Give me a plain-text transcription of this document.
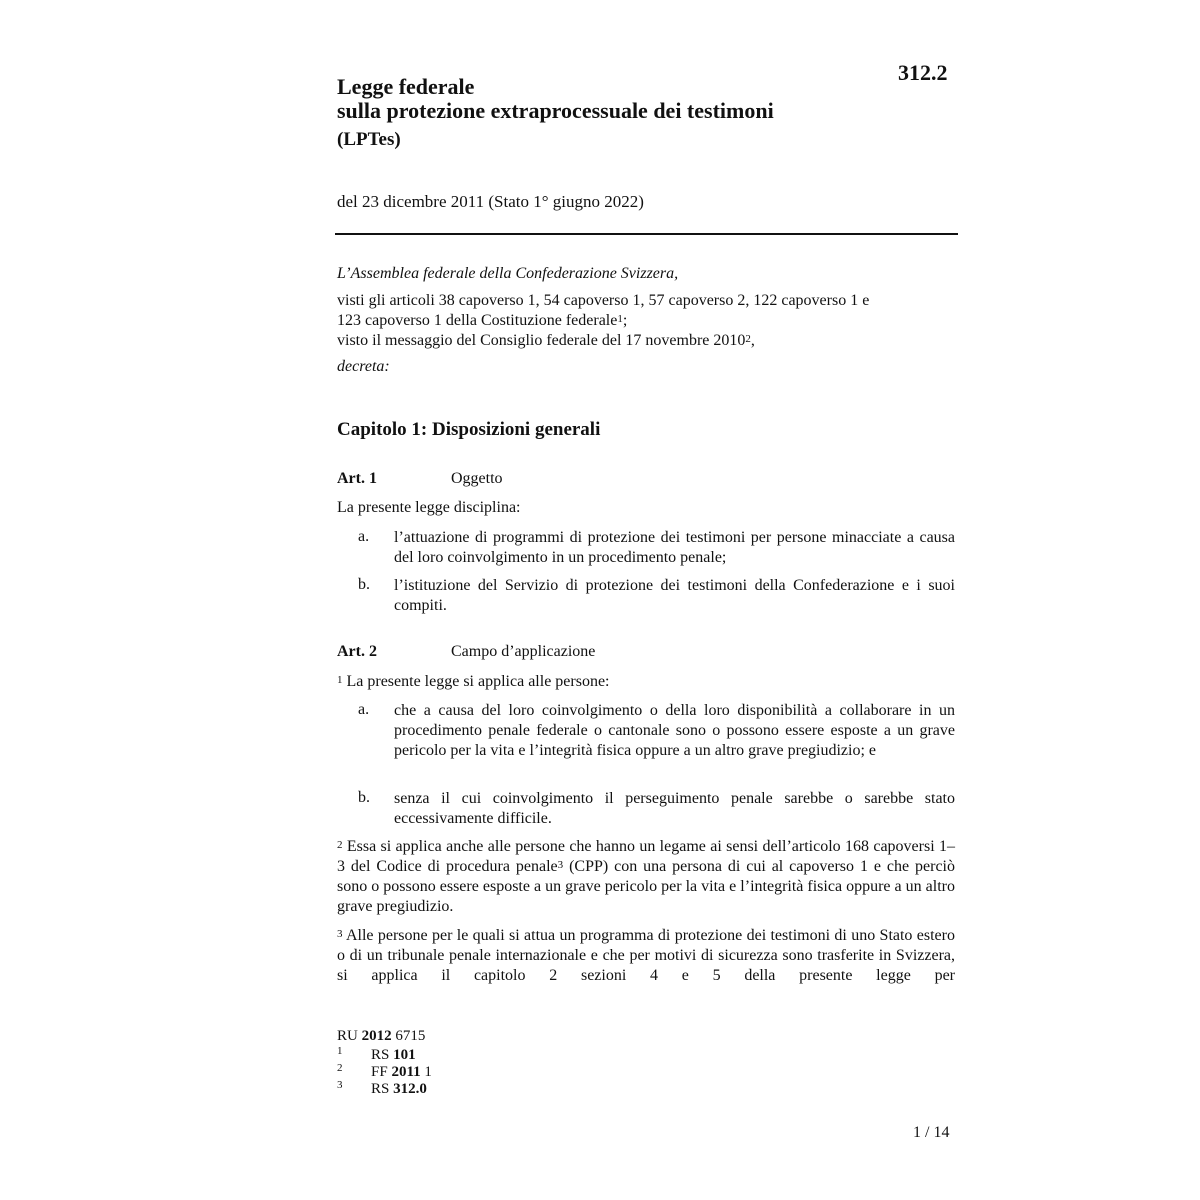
312.2
Legge federale
sulla protezione extraprocessuale dei testimoni
(LPTes)
del 23 dicembre 2011 (Stato 1° giugno 2022)
L’Assemblea federale della Confederazione Svizzera,
visti gli articoli 38 capoverso 1, 54 capoverso 1, 57 capoverso 2, 122 capoverso 1 e
123 capoverso 1 della Costituzione federale$^1$;
visto il messaggio del Consiglio federale del 17 novembre 2010$^2$,
decreta:
Capitolo 1: Disposizioni generali
Art. 1	Oggetto
La presente legge disciplina:
a. l’attuazione di programmi di protezione dei testimoni per persone minacciate a causa del loro coinvolgimento in un procedimento penale;
b. l’istituzione del Servizio di protezione dei testimoni della Confederazione e i suoi compiti.
Art. 2	Campo d’applicazione
$^1$ La presente legge si applica alle persone:
a. che a causa del loro coinvolgimento o della loro disponibilità a collaborare in un procedimento penale federale o cantonale sono o possono essere esposte a un grave pericolo per la vita e l’integrità fisica oppure a un altro grave pregiudizio; e
b. senza il cui coinvolgimento il perseguimento penale sarebbe o sarebbe stato eccessivamente difficile.
$^2$ Essa si applica anche alle persone che hanno un legame ai sensi dell’articolo 168 capoversi 1–3 del Codice di procedura penale$^3$ (CPP) con una persona di cui al capoverso 1 e che perciò sono o possono essere esposte a un grave pericolo per la vita e l’integrità fisica oppure a un altro grave pregiudizio.
$^3$ Alle persone per le quali si attua un programma di protezione dei testimoni di uno Stato estero o di un tribunale penale internazionale e che per motivi di sicurezza sono trasferite in Svizzera, si applica il capitolo 2 sezioni 4 e 5 della presente legge per
RU 2012 6715
1 RS 101
2 FF 2011 1
3 RS 312.0
1 / 14
